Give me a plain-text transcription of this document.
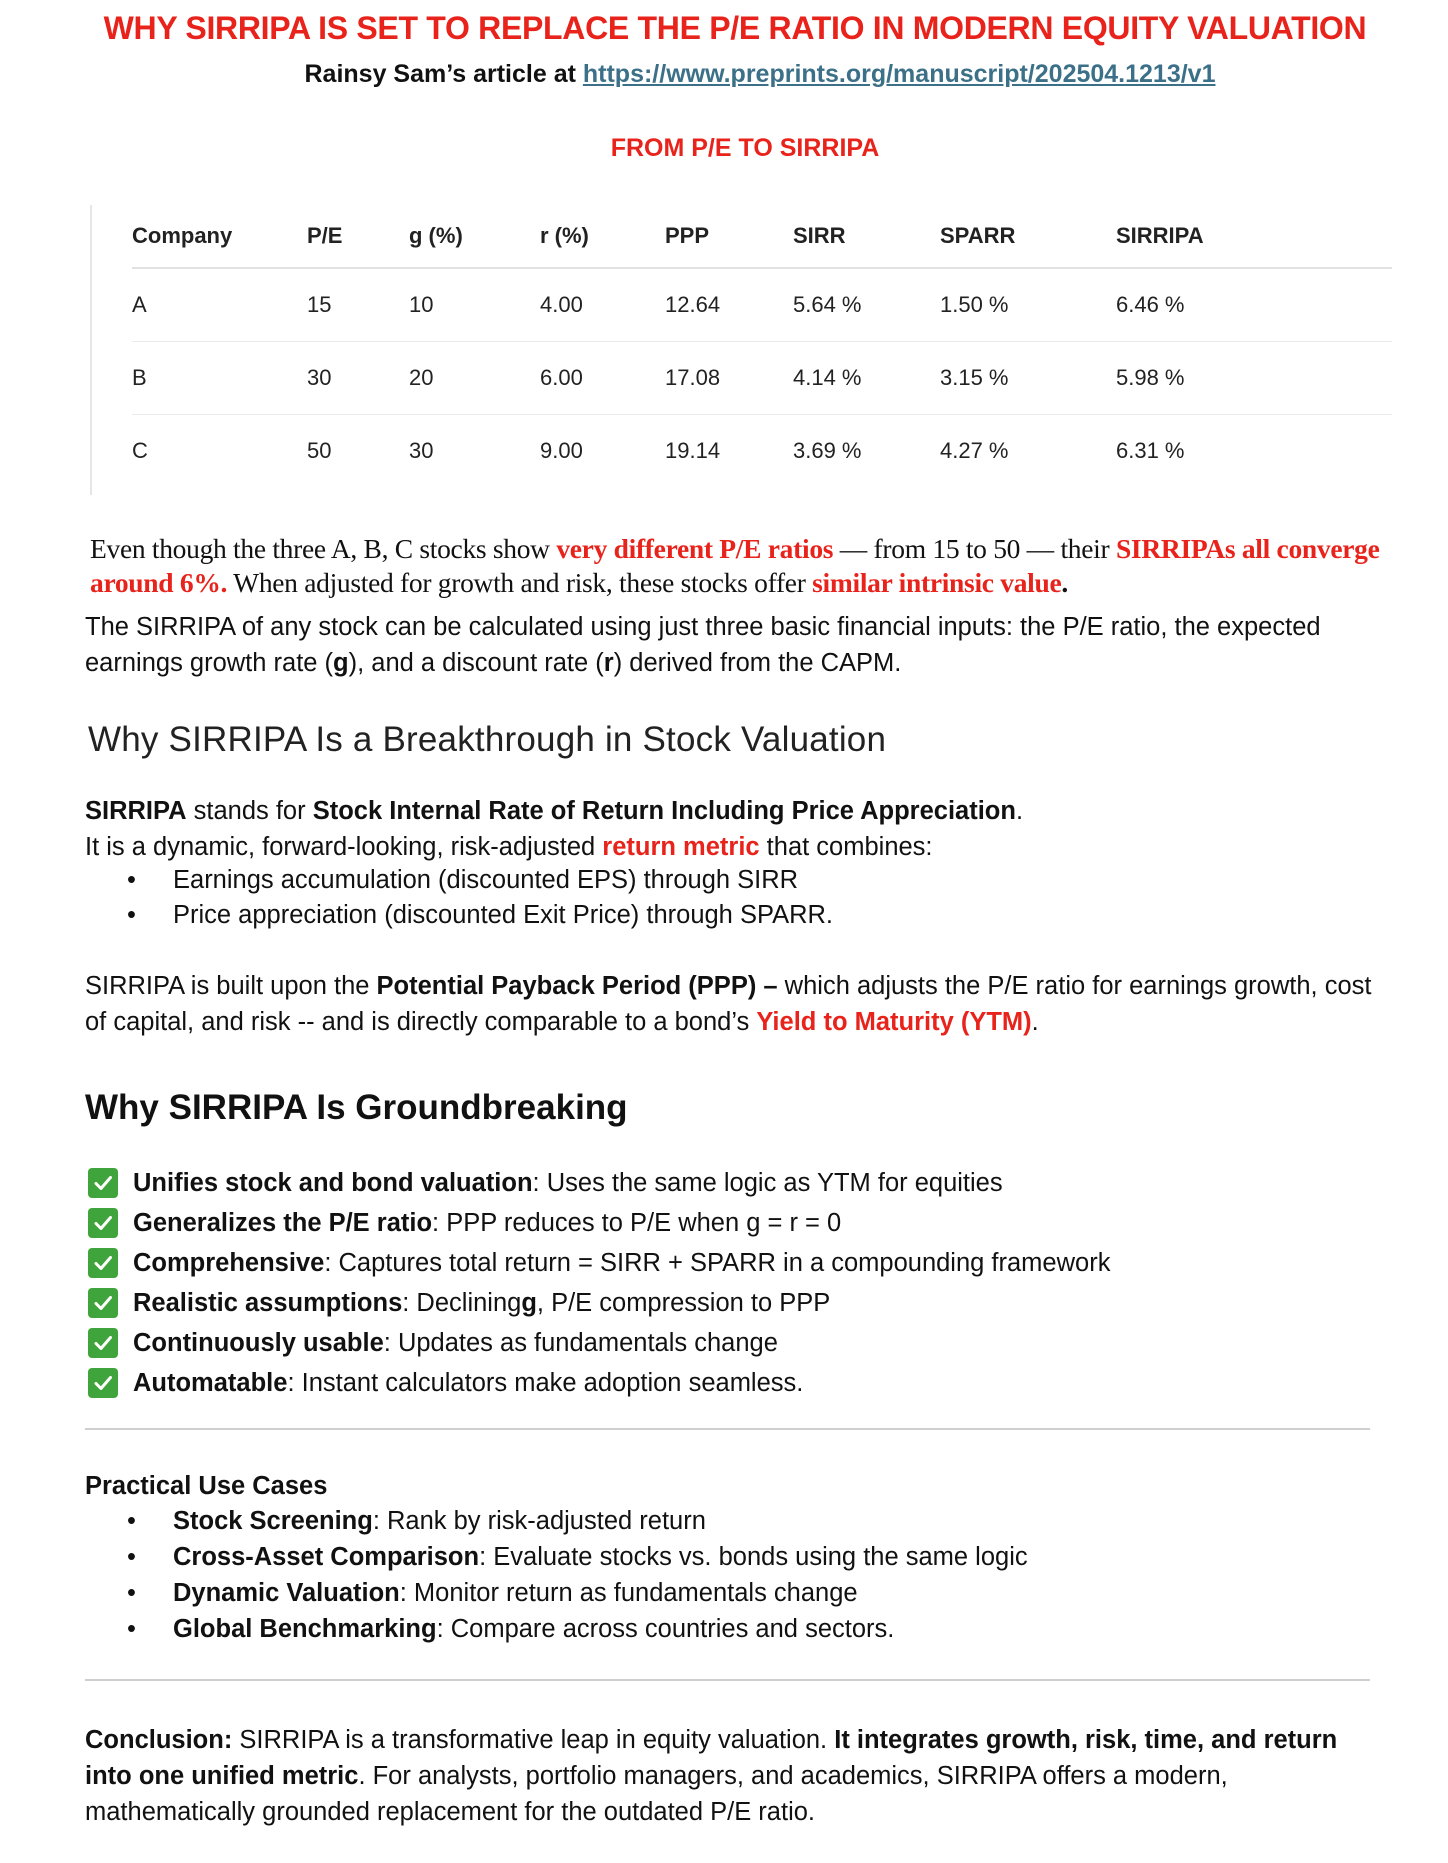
WHY SIRRIPA IS SET TO REPLACE THE P/E RATIO IN MODERN EQUITY VALUATION
Rainsy Sam’s article at https://www.preprints.org/manuscript/202504.1213/v1
FROM P/E TO SIRRIPA
Company	P/E	g (%)	r (%)	PPP	SIRR	SPARR	SIRRIPA
A	15	10	4.00	12.64	5.64 %	1.50 %	6.46 %
B	30	20	6.00	17.08	4.14 %	3.15 %	5.98 %
C	50	30	9.00	19.14	3.69 %	4.27 %	6.31 %
Even though the three A, B, C stocks show very different P/E ratios — from 15 to 50 — their SIRRIPAs all converge around 6%. When adjusted for growth and risk, these stocks offer similar intrinsic value.
The SIRRIPA of any stock can be calculated using just three basic financial inputs: the P/E ratio, the expected earnings growth rate (g), and a discount rate (r) derived from the CAPM.
Why SIRRIPA Is a Breakthrough in Stock Valuation
SIRRIPA stands for Stock Internal Rate of Return Including Price Appreciation.
It is a dynamic, forward-looking, risk-adjusted return metric that combines:
• Earnings accumulation (discounted EPS) through SIRR
• Price appreciation (discounted Exit Price) through SPARR.
SIRRIPA is built upon the Potential Payback Period (PPP) – which adjusts the P/E ratio for earnings growth, cost of capital, and risk -- and is directly comparable to a bond’s Yield to Maturity (YTM).
Why SIRRIPA Is Groundbreaking
Unifies stock and bond valuation : Uses the same logic as YTM for equities
Generalizes the P/E ratio : PPP reduces to P/E when g = r = 0
Comprehensive : Captures total return = SIRR + SPARR in a compounding framework
Realistic assumptions : Declining g , P/E compression to PPP
Continuously usable : Updates as fundamentals change
Automatable : Instant calculators make adoption seamless.
Practical Use Cases
• Stock Screening: Rank by risk-adjusted return
• Cross-Asset Comparison: Evaluate stocks vs. bonds using the same logic
• Dynamic Valuation: Monitor return as fundamentals change
• Global Benchmarking: Compare across countries and sectors.
Conclusion: SIRRIPA is a transformative leap in equity valuation. It integrates growth, risk, time, and return into one unified metric. For analysts, portfolio managers, and academics, SIRRIPA offers a modern, mathematically grounded replacement for the outdated P/E ratio.
